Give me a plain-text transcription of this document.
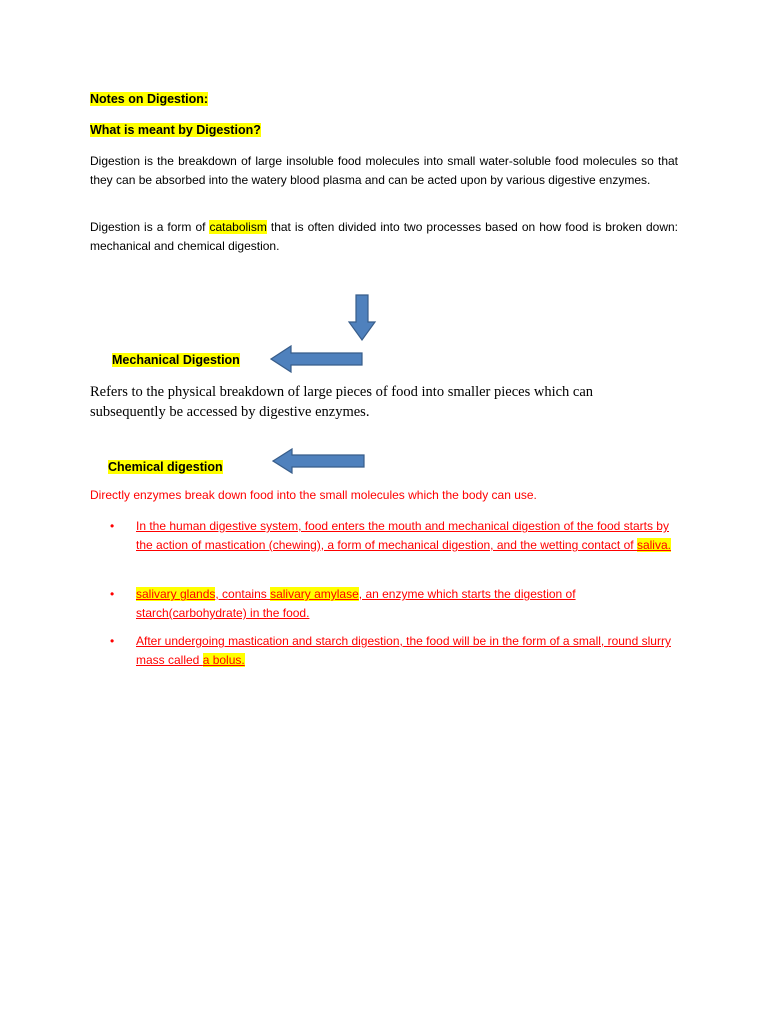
Notes on Digestion:

What is meant by Digestion?

Digestion is the breakdown of large insoluble food molecules into small water-soluble food molecules so that they can be absorbed into the watery blood plasma and can be acted upon by various digestive enzymes.

Digestion is a form of catabolism that is often divided into two processes based on how food is broken down: mechanical and chemical digestion.

Mechanical Digestion

Refers to the physical breakdown of large pieces of food into smaller pieces which can subsequently be accessed by digestive enzymes.

Chemical digestion

Directly enzymes break down food into the small molecules which the body can use.

• In the human digestive system, food enters the mouth and mechanical digestion of the food starts by the action of mastication (chewing), a form of mechanical digestion, and the wetting contact of saliva.
• salivary glands, contains salivary amylase, an enzyme which starts the digestion of starch(carbohydrate) in the food.
• After undergoing mastication and starch digestion, the food will be in the form of a small, round slurry mass called a bolus.
